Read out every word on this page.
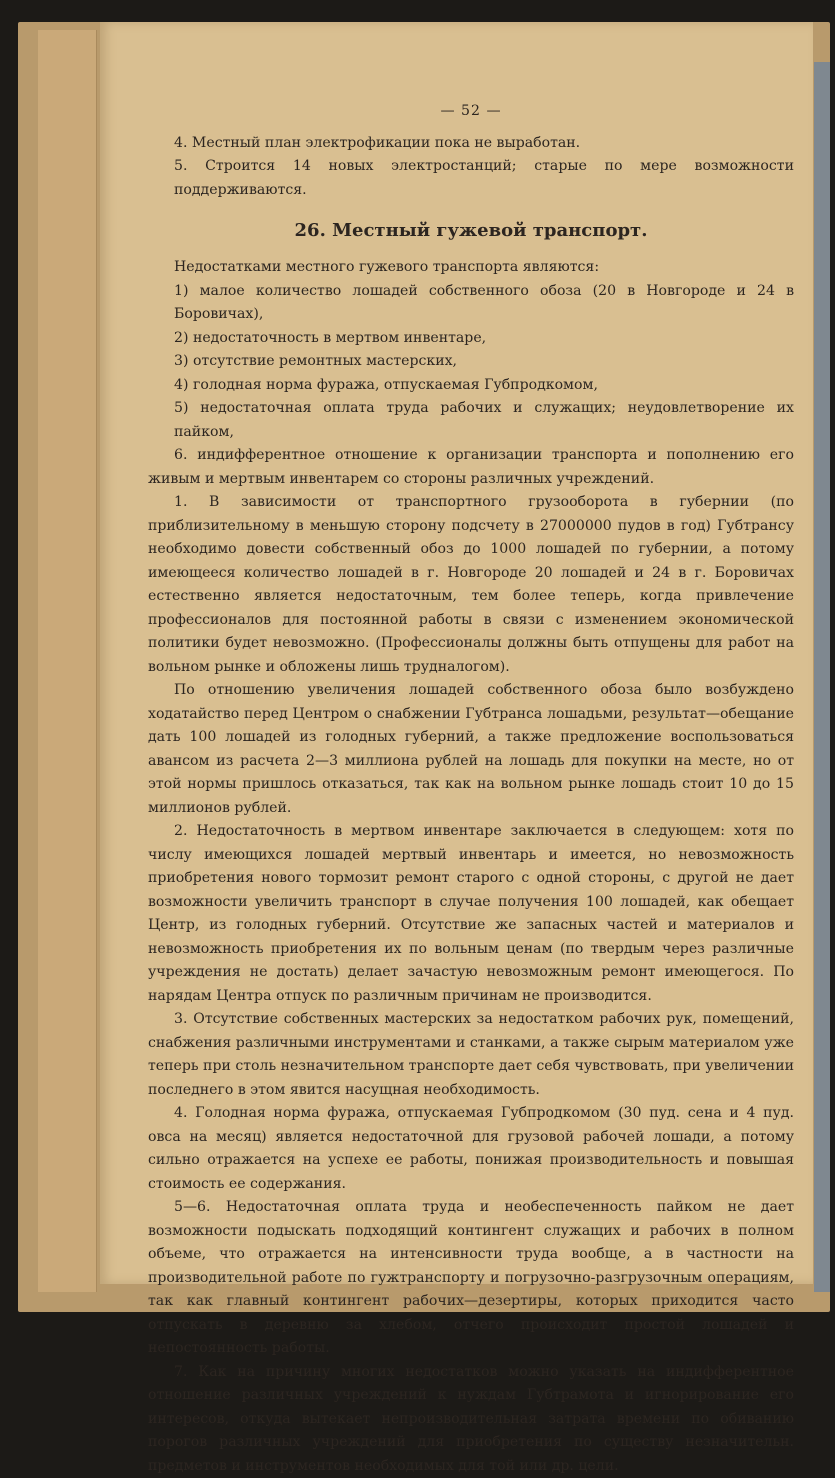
— 52 —

4. Местный план электрофикации пока не выработан.

5. Строится 14 новых электростанций; старые по мере возможности поддерживаются.

26. Местный гужевой транспорт.

Недостатками местного гужевого транспорта являются:

1) малое количество лошадей собственного обоза (20 в Новгороде и 24 в Боровичах),

2) недостаточность в мертвом инвентаре,

3) отсутствие ремонтных мастерских,

4) голодная норма фуража, отпускаемая Губпродкомом,

5) недостаточная оплата труда рабочих и служащих; неудовлетворение их пайком,

6. индифферентное отношение к организации транспорта и пополнению его живым и мертвым инвентарем со стороны различных учреждений.

1. В зависимости от транспортного грузооборота в губернии (по приблизительному в меньшую сторону подсчету в 27000000 пудов в год) Губтрансу необходимо довести собственный обоз до 1000 лошадей по губернии, а потому имеющееся количество лошадей в г. Новгороде 20 лошадей и 24 в г. Боровичах естественно является недостаточным, тем более теперь, когда привлечение профессионалов для постоянной работы в связи с изменением экономической политики будет невозможно. (Профессионалы должны быть отпущены для работ на вольном рынке и обложены лишь трудналогом).

По отношению увеличения лошадей собственного обоза было возбуждено ходатайство перед Центром о снабжении Губтранса лошадьми, результат—обещание дать 100 лошадей из голодных губерний, а также предложение воспользоваться авансом из расчета 2—3 миллиона рублей на лошадь для покупки на месте, но от этой нормы пришлось отказаться, так как на вольном рынке лошадь стоит 10 до 15 миллионов рублей.

2. Недостаточность в мертвом инвентаре заключается в следующем: хотя по числу имеющихся лошадей мертвый инвентарь и имеется, но невозможность приобретения нового тормозит ремонт старого с одной стороны, с другой не дает возможности увеличить транспорт в случае получения 100 лошадей, как обещает Центр, из голодных губерний. Отсутствие же запасных частей и материалов и невозможность приобретения их по вольным ценам (по твердым через различные учреждения не достать) делает зачастую невозможным ремонт имеющегося. По нарядам Центра отпуск по различным причинам не производится.

3. Отсутствие собственных мастерских за недостатком рабочих рук, помещений, снабжения различными инструментами и станками, а также сырым материалом уже теперь при столь незначительном транспорте дает себя чувствовать, при увеличении последнего в этом явится насущная необходимость.

4. Голодная норма фуража, отпускаемая Губпродкомом (30 пуд. сена и 4 пуд. овса на месяц) является недостаточной для грузовой рабочей лошади, а потому сильно отражается на успехе ее работы, понижая производительность и повышая стоимость ее содержания.

5—6. Недостаточная оплата труда и необеспеченность пайком не дает возможности подыскать подходящий контингент служащих и рабочих в полном объеме, что отражается на интенсивности труда вообще, а в частности на производительной работе по гужтранспорту и погрузочно-разгрузочным операциям, так как главный контингент рабочих—дезертиры, которых приходится часто отпускать в деревню за хлебом, отчего происходит простой лошадей и непостоянность работы.

7. Как на причину многих недостатков можно указать на индифферентное отношение различных учреждений к нуждам Губтрамота и игнорирование его интересов, откуда вытекает непроизводительная затрата времени по обиванию порогов различных учреждений для приобретения по существу незначительн. предметов и инструментов необходимых для той или др. цели.
